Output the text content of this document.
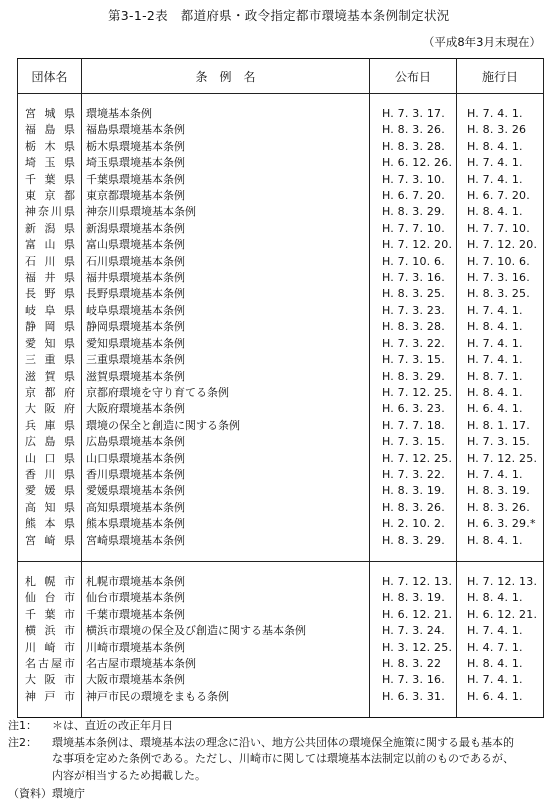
第3-1-2表　都道府県・政令指定都市環境基本条例制定状況
（平成8年3月末現在）
団体名	条　例　名	公布日	施行日

宮城県	環境基本条例	H. 7. 3. 17.	H. 7. 4. 1.
福島県	福島県環境基本条例	H. 8. 3. 26.	H. 8. 3. 26
栃木県	栃木県環境基本条例	H. 8. 3. 28.	H. 8. 4. 1.
埼玉県	埼玉県環境基本条例	H. 6. 12. 26.	H. 7. 4. 1.
千葉県	千葉県環境基本条例	H. 7. 3. 10.	H. 7. 4. 1.
東京都	東京都環境基本条例	H. 6. 7. 20.	H. 6. 7. 20.
神奈川県	神奈川県環境基本条例	H. 8. 3. 29.	H. 8. 4. 1.
新潟県	新潟県環境基本条例	H. 7. 7. 10.	H. 7. 7. 10.
富山県	富山県環境基本条例	H. 7. 12. 20.	H. 7. 12. 20.
石川県	石川県環境基本条例	H. 7. 10. 6.	H. 7. 10. 6.
福井県	福井県環境基本条例	H. 7. 3. 16.	H. 7. 3. 16.
長野県	長野県環境基本条例	H. 8. 3. 25.	H. 8. 3. 25.
岐阜県	岐阜県環境基本条例	H. 7. 3. 23.	H. 7. 4. 1.
静岡県	静岡県環境基本条例	H. 8. 3. 28.	H. 8. 4. 1.
愛知県	愛知県環境基本条例	H. 7. 3. 22.	H. 7. 4. 1.
三重県	三重県環境基本条例	H. 7. 3. 15.	H. 7. 4. 1.
滋賀県	滋賀県環境基本条例	H. 8. 3. 29.	H. 8. 7. 1.
京都府	京都府環境を守り育てる条例	H. 7. 12. 25.	H. 8. 4. 1.
大阪府	大阪府環境基本条例	H. 6. 3. 23.	H. 6. 4. 1.
兵庫県	環境の保全と創造に関する条例	H. 7. 7. 18.	H. 8. 1. 17.
広島県	広島県環境基本条例	H. 7. 3. 15.	H. 7. 3. 15.
山口県	山口県環境基本条例	H. 7. 12. 25.	H. 7. 12. 25.
香川県	香川県環境基本条例	H. 7. 3. 22.	H. 7. 4. 1.
愛媛県	愛媛県環境基本条例	H. 8. 3. 19.	H. 8. 3. 19.
高知県	高知県環境基本条例	H. 8. 3. 26.	H. 8. 3. 26.
熊本県	熊本県環境基本条例	H. 2. 10. 2.	H. 6. 3. 29.*
宮崎県	宮崎県環境基本条例	H. 8. 3. 29.	H. 8. 4. 1.

札幌市	札幌市環境基本条例	H. 7. 12. 13.	H. 7. 12. 13.
仙台市	仙台市環境基本条例	H. 8. 3. 19.	H. 8. 4. 1.
千葉市	千葉市環境基本条例	H. 6. 12. 21.	H. 6. 12. 21.
横浜市	横浜市環境の保全及び創造に関する基本条例	H. 7. 3. 24.	H. 7. 4. 1.
川崎市	川崎市環境基本条例	H. 3. 12. 25.	H. 4. 7. 1.
名古屋市	名古屋市環境基本条例	H. 8. 3. 22	H. 8. 4. 1.
大阪市	大阪市環境基本条例	H. 7. 3. 16.	H. 7. 4. 1.
神戸市	神戸市民の環境をまもる条例	H. 6. 3. 31.	H. 6. 4. 1.

注1：	＊は、直近の改正年月日
注2：	環境基本条例は、環境基本法の理念に沿い、地方公共団体の環境保全施策に関する最も基本的な事項を定めた条例である。ただし、川崎市に関しては環境基本法制定以前のものであるが、内容が相当するため掲載した。
（資料）環境庁
